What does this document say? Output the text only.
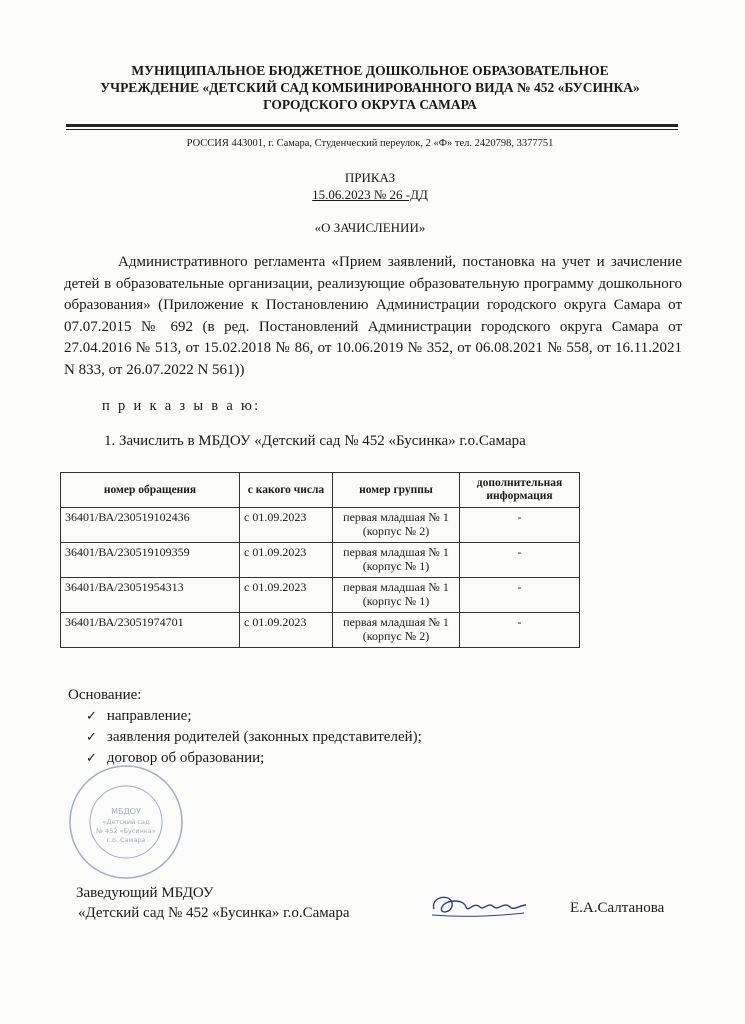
МУНИЦИПАЛЬНОЕ БЮДЖЕТНОЕ ДОШКОЛЬНОЕ ОБРАЗОВАТЕЛЬНОЕ
УЧРЕЖДЕНИЕ «ДЕТСКИЙ САД КОМБИНИРОВАННОГО ВИДА № 452 «БУСИНКА»
ГОРОДСКОГО ОКРУГА САМАРА
РОССИЯ 443001, г. Самара, Студенческий переулок, 2 «Ф» тел. 2420798, 3377751
ПРИКАЗ
15.06.2023 № 26 -ДД
«О ЗАЧИСЛЕНИИ»
Административного регламента «Прием заявлений, постановка на учет и зачисление детей в образовательные организации, реализующие образовательную программу дошкольного образования» (Приложение к Постановлению Администрации городского округа Самара от 07.07.2015 № 692 (в ред. Постановлений Администрации городского округа Самара от 27.04.2016 № 513, от 15.02.2018 № 86, от 10.06.2019 № 352, от 06.08.2021 № 558, от 16.11.2021 N 833, от 26.07.2022 N 561))
п р и к а з ы в а ю:
1. Зачислить в МБДОУ «Детский сад № 452 «Бусинка» г.о.Самара
номер обращения	с какого числа	номер группы	дополнительная информация
36401/ВА/230519102436	с 01.09.2023	первая младшая № 1 (корпус № 2)	-
36401/ВА/230519109359	с 01.09.2023	первая младшая № 1 (корпус № 1)	-
36401/ВА/23051954313	с 01.09.2023	первая младшая № 1 (корпус № 1)	-
36401/ВА/23051974701	с 01.09.2023	первая младшая № 1 (корпус № 2)	-
Основание:
✓ направление;
✓ заявления родителей (законных представителей);
✓ договор об образовании;
МБДОУ
«Детский сад
№ 452 «Бусинка»
г.о. Самара
Заведующий МБДОУ
«Детский сад № 452 «Бусинка» г.о.Самара	Е.А.Салтанова
